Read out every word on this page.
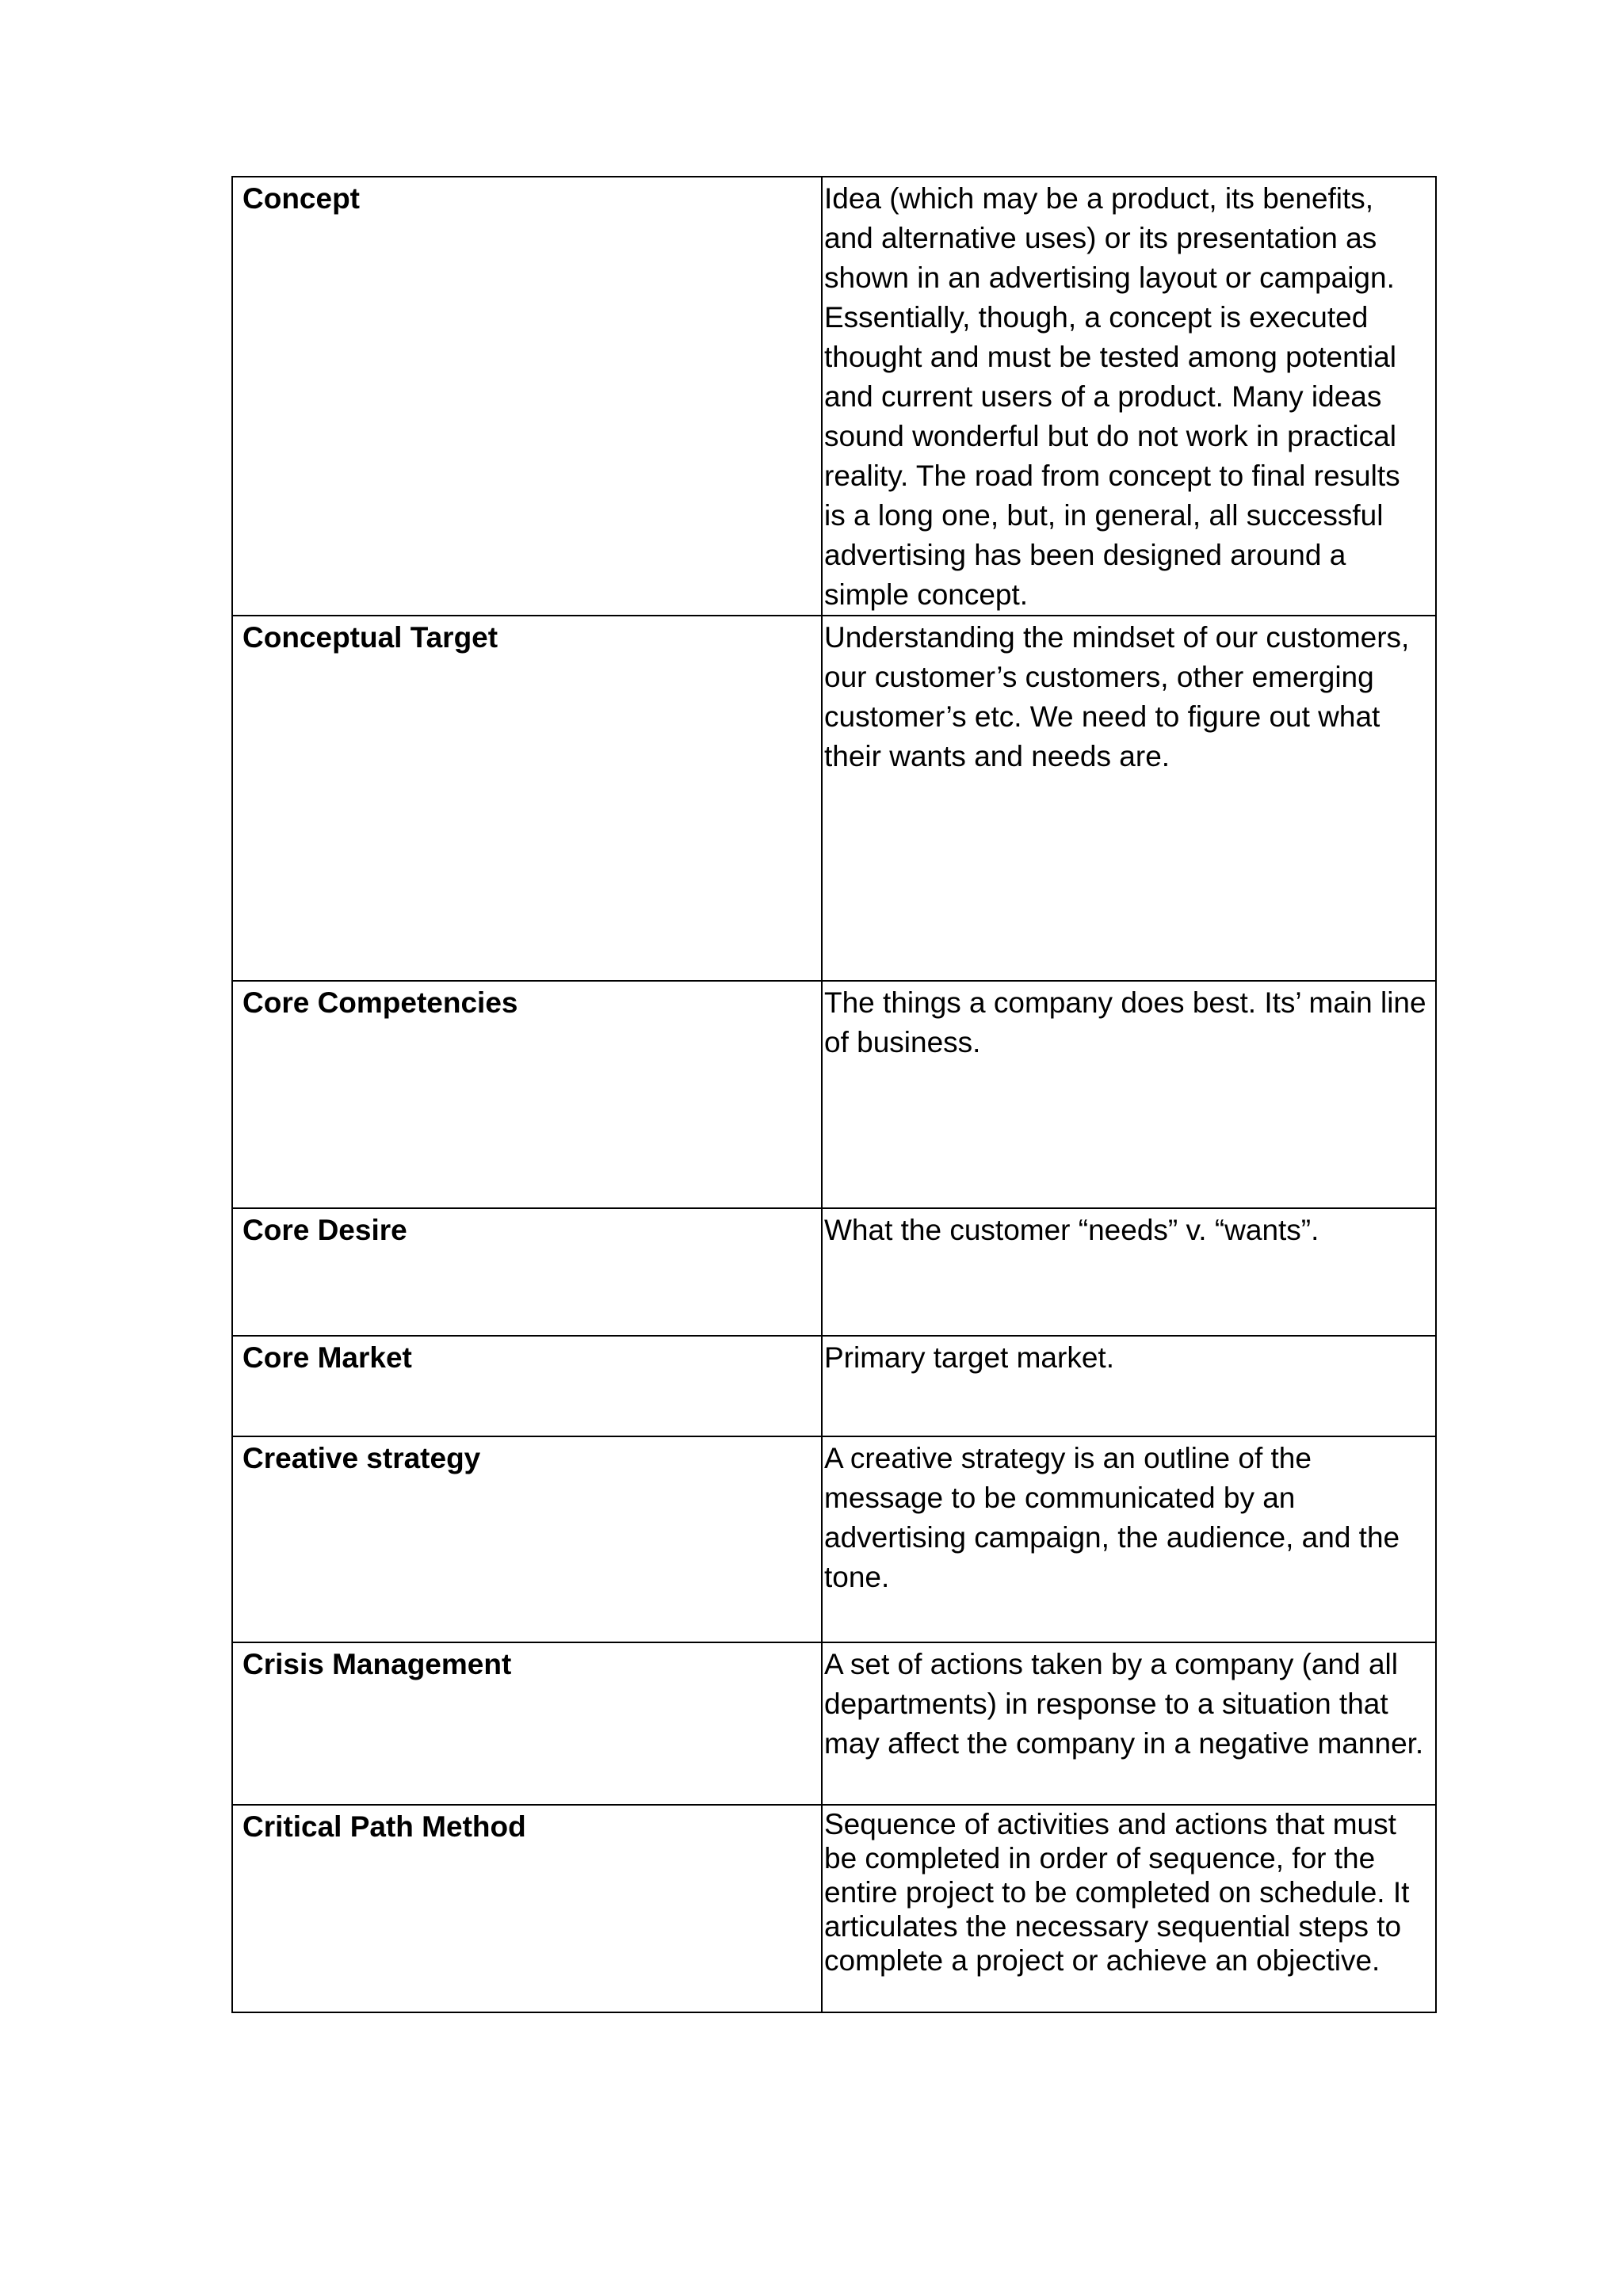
Concept	Idea (which may be a product, its benefits, and alternative uses) or its presentation as shown in an advertising layout or campaign. Essentially, though, a concept is executed thought and must be tested among potential and current users of a product. Many ideas sound wonderful but do not work in practical reality. The road from concept to final results is a long one, but, in general, all successful advertising has been designed around a simple concept.
Conceptual Target	Understanding the mindset of our customers, our customer’s customers, other emerging customer’s etc. We need to figure out what their wants and needs are.
Core Competencies	The things a company does best. Its’ main line of business.
Core Desire	What the customer “needs” v. “wants”.
Core Market	Primary target market.
Creative strategy	A creative strategy is an outline of the message to be communicated by an advertising campaign, the audience, and the tone.
Crisis Management	A set of actions taken by a company (and all departments) in response to a situation that may affect the company in a negative manner.
Critical Path Method	Sequence of activities and actions that must be completed in order of sequence, for the entire project to be completed on schedule. It articulates the necessary sequential steps to complete a project or achieve an objective.
